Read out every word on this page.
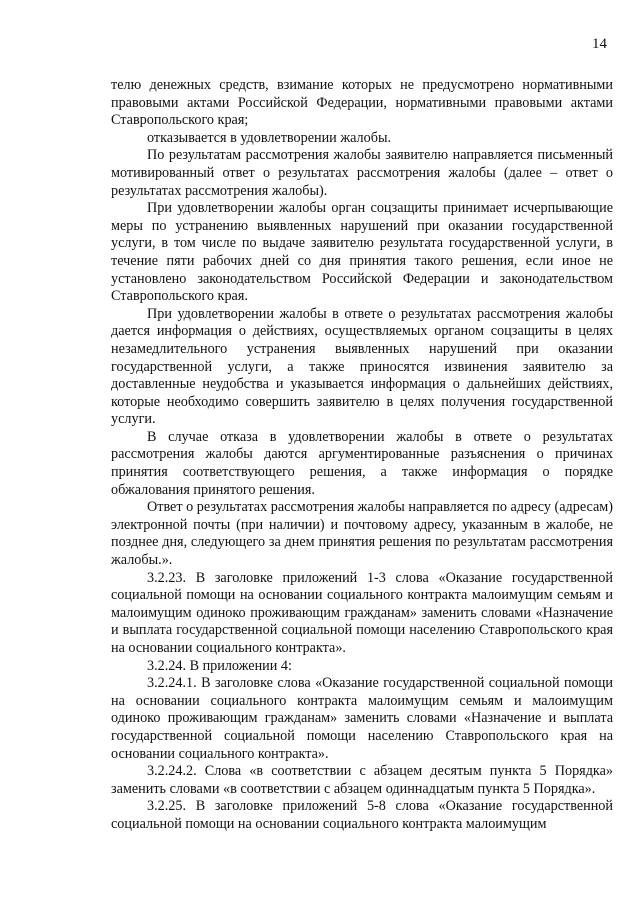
14

телю денежных средств, взимание которых не предусмотрено нормативными правовыми актами Российской Федерации, нормативными правовыми актами Ставропольского края;

отказывается в удовлетворении жалобы.

По результатам рассмотрения жалобы заявителю направляется письменный мотивированный ответ о результатах рассмотрения жалобы (далее – ответ о результатах рассмотрения жалобы).

При удовлетворении жалобы орган соцзащиты принимает исчерпывающие меры по устранению выявленных нарушений при оказании государственной услуги, в том числе по выдаче заявителю результата государственной услуги, в течение пяти рабочих дней со дня принятия такого решения, если иное не установлено законодательством Российской Федерации и законодательством Ставропольского края.

При удовлетворении жалобы в ответе о результатах рассмотрения жалобы дается информация о действиях, осуществляемых органом соцзащиты в целях незамедлительного устранения выявленных нарушений при оказании государственной услуги, а также приносятся извинения заявителю за доставленные неудобства и указывается информация о дальнейших действиях, которые необходимо совершить заявителю в целях получения государственной услуги.

В случае отказа в удовлетворении жалобы в ответе о результатах рассмотрения жалобы даются аргументированные разъяснения о причинах принятия соответствующего решения, а также информация о порядке обжалования принятого решения.

Ответ о результатах рассмотрения жалобы направляется по адресу (адресам) электронной почты (при наличии) и почтовому адресу, указанным в жалобе, не позднее дня, следующего за днем принятия решения по результатам рассмотрения жалобы.».

3.2.23. В заголовке приложений 1-3 слова «Оказание государственной социальной помощи на основании социального контракта малоимущим семьям и малоимущим одиноко проживающим гражданам» заменить словами «Назначение и выплата государственной социальной помощи населению Ставропольского края на основании социального контракта».

3.2.24. В приложении 4:

3.2.24.1. В заголовке слова «Оказание государственной социальной помощи на основании социального контракта малоимущим семьям и малоимущим одиноко проживающим гражданам» заменить словами «Назначение и выплата государственной социальной помощи населению Ставропольского края на основании социального контракта».

3.2.24.2. Слова «в соответствии с абзацем десятым пункта 5 Порядка» заменить словами «в соответствии с абзацем одиннадцатым пункта 5 Порядка».

3.2.25. В заголовке приложений 5-8 слова «Оказание государственной социальной помощи на основании социального контракта малоимущим
